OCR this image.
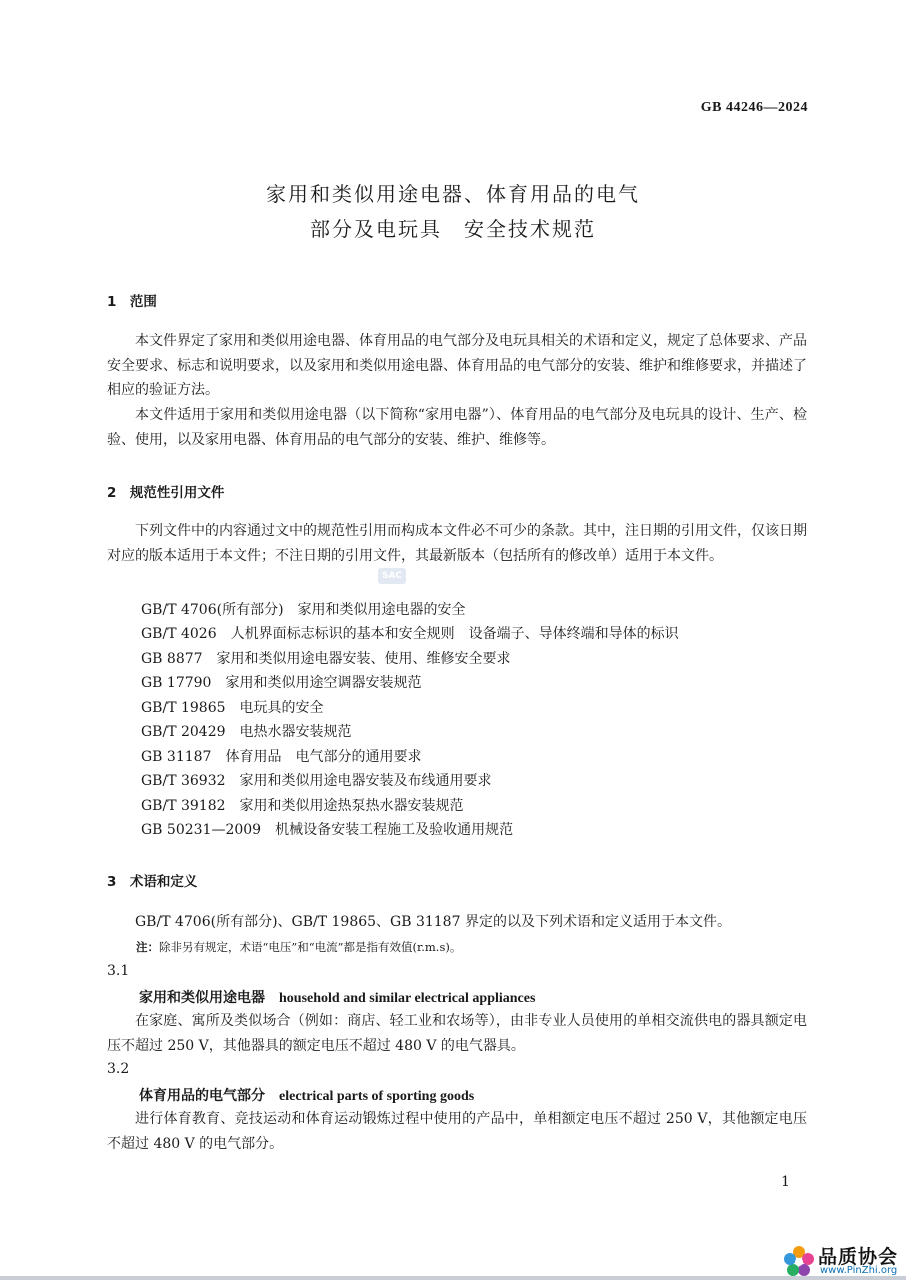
GB 44246—2024
家用和类似用途电器、体育用品的电气
部分及电玩具　安全技术规范
1　范围
本文件界定了家用和类似用途电器、体育用品的电气部分及电玩具相关的术语和定义，规定了总体要求、产品安全要求、标志和说明要求，以及家用和类似用途电器、体育用品的电气部分的安装、维护和维修要求，并描述了相应的验证方法。
本文件适用于家用和类似用途电器（以下简称“家用电器”）、体育用品的电气部分及电玩具的设计、生产、检验、使用，以及家用电器、体育用品的电气部分的安装、维护、维修等。
2　规范性引用文件
下列文件中的内容通过文中的规范性引用而构成本文件必不可少的条款。其中，注日期的引用文件，仅该日期对应的版本适用于本文件；不注日期的引用文件，其最新版本（包括所有的修改单）适用于本文件。
SAC
GB/T 4706(所有部分)　家用和类似用途电器的安全
GB/T 4026　人机界面标志标识的基本和安全规则　设备端子、导体终端和导体的标识
GB 8877　家用和类似用途电器安装、使用、维修安全要求
GB 17790　家用和类似用途空调器安装规范
GB/T 19865　电玩具的安全
GB/T 20429　电热水器安装规范
GB 31187　体育用品　电气部分的通用要求
GB/T 36932　家用和类似用途电器安装及布线通用要求
GB/T 39182　家用和类似用途热泵热水器安装规范
GB 50231—2009　机械设备安装工程施工及验收通用规范
3　术语和定义
GB/T 4706(所有部分)、GB/T 19865、GB 31187 界定的以及下列术语和定义适用于本文件。
注：除非另有规定，术语“电压”和“电流”都是指有效值(r.m.s)。
3.1
家用和类似用途电器 household and similar electrical appliances
在家庭、寓所及类似场合（例如：商店、轻工业和农场等），由非专业人员使用的单相交流供电的器具额定电压不超过 250 V，其他器具的额定电压不超过 480 V 的电气器具。
3.2
体育用品的电气部分 electrical parts of sporting goods
进行体育教育、竞技运动和体育运动锻炼过程中使用的产品中，单相额定电压不超过 250 V，其他额定电压不超过 480 V 的电气部分。
1
品质协会
www.PinZhi.org
